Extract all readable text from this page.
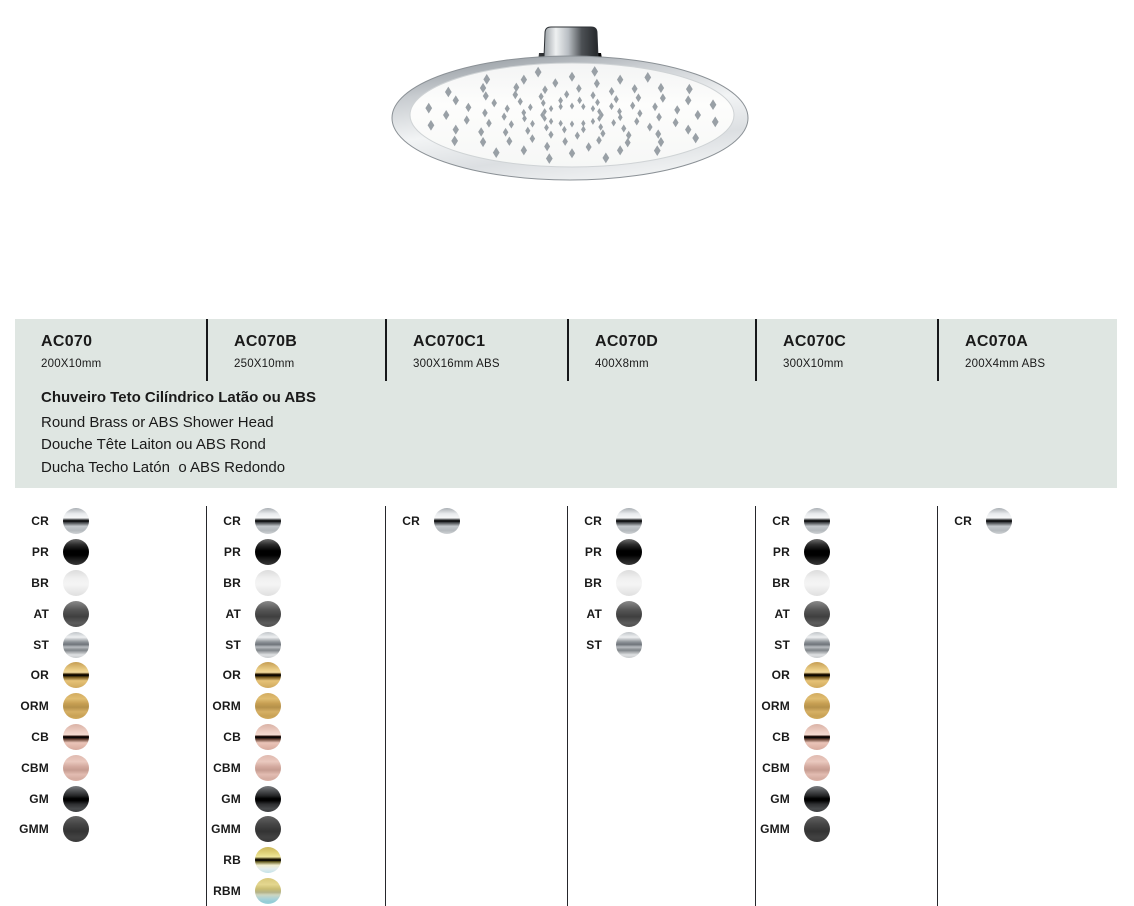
AC070
200X10mm
AC070B
250X10mm
AC070C1
300X16mm ABS
AC070D
400X8mm
AC070C
300X10mm
AC070A
200X4mm ABS
Chuveiro Teto Cilíndrico Latão ou ABS
Round Brass or ABS Shower Head
Douche Tête Laiton ou ABS Rond
Ducha Techo Latón  o ABS Redondo
CR
PR
BR
AT
ST
OR
ORM
CB
CBM
GM
GMM
CR
PR
BR
AT
ST
OR
ORM
CB
CBM
GM
GMM
RB
RBM
CR	CR
PR
BR
AT
ST
CR
PR
BR
AT
ST
OR
ORM
CB
CBM
GM
GMM
CR
